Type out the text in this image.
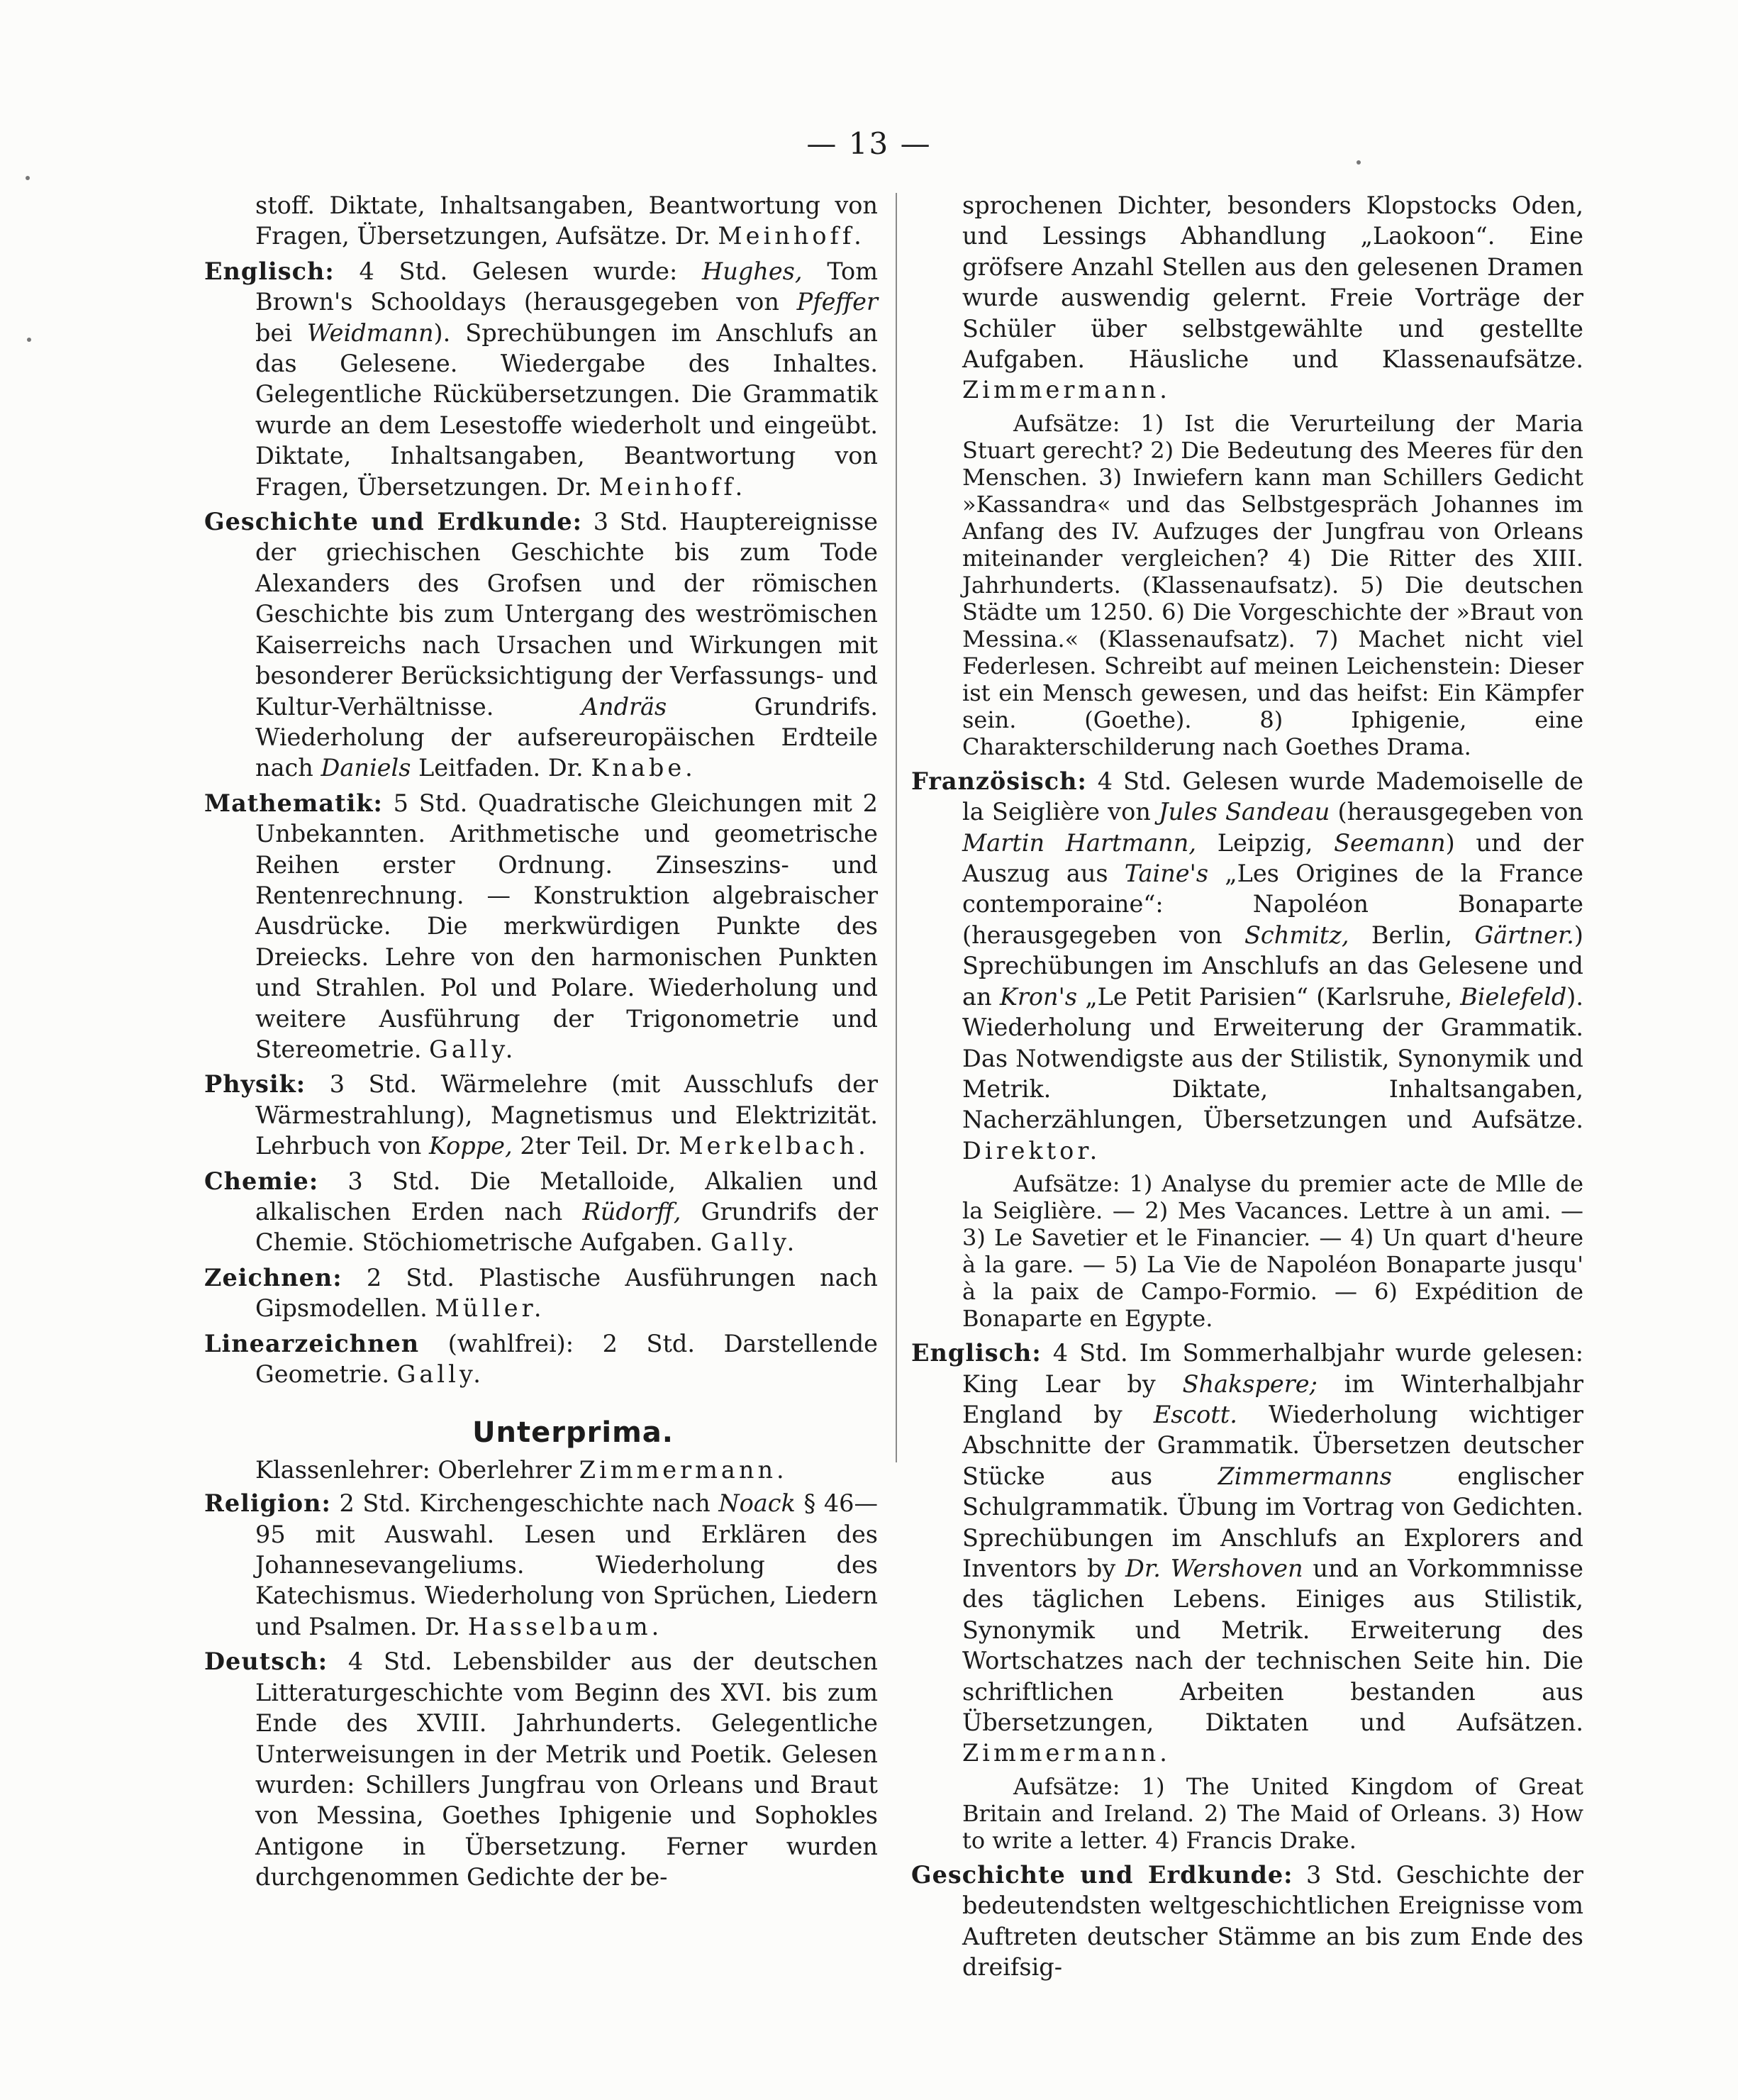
— 13 —

stoff. Diktate, Inhaltsangaben, Beantwortung von Fragen, Übersetzungen, Aufsätze. Dr. Meinhoff.

Englisch: 4 Std. Gelesen wurde: Hughes, Tom Brown's Schooldays (herausgegeben von Pfeffer bei Weidmann). Sprechübungen im Anschlufs an das Gelesene. Wiedergabe des Inhaltes. Gelegentliche Rückübersetzungen. Die Grammatik wurde an dem Lesestoffe wiederholt und eingeübt. Diktate, Inhaltsangaben, Beantwortung von Fragen, Übersetzungen. Dr. Meinhoff.

Geschichte und Erdkunde: 3 Std. Hauptereignisse der griechischen Geschichte bis zum Tode Alexanders des Grofsen und der römischen Geschichte bis zum Untergang des weströmischen Kaiserreichs nach Ursachen und Wirkungen mit besonderer Berücksichtigung der Verfassungs- und Kultur-Verhältnisse. Andräs Grundrifs. Wiederholung der aufsereuropäischen Erdteile nach Daniels Leitfaden. Dr. Knabe.

Mathematik: 5 Std. Quadratische Gleichungen mit 2 Unbekannten. Arithmetische und geometrische Reihen erster Ordnung. Zinseszins- und Rentenrechnung. — Konstruktion algebraischer Ausdrücke. Die merkwürdigen Punkte des Dreiecks. Lehre von den harmonischen Punkten und Strahlen. Pol und Polare. Wiederholung und weitere Ausführung der Trigonometrie und Stereometrie. Gally.

Physik: 3 Std. Wärmelehre (mit Ausschlufs der Wärmestrahlung), Magnetismus und Elektrizität. Lehrbuch von Koppe, 2ter Teil. Dr. Merkelbach.

Chemie: 3 Std. Die Metalloide, Alkalien und alkalischen Erden nach Rüdorff, Grundrifs der Chemie. Stöchiometrische Aufgaben. Gally.

Zeichnen: 2 Std. Plastische Ausführungen nach Gipsmodellen. Müller.

Linearzeichnen (wahlfrei): 2 Std. Darstellende Geometrie. Gally.

Unterprima.
Klassenlehrer: Oberlehrer Zimmermann.

Religion: 2 Std. Kirchengeschichte nach Noack § 46—95 mit Auswahl. Lesen und Erklären des Johannesevangeliums. Wiederholung des Katechismus. Wiederholung von Sprüchen, Liedern und Psalmen. Dr. Hasselbaum.

Deutsch: 4 Std. Lebensbilder aus der deutschen Litteraturgeschichte vom Beginn des XVI. bis zum Ende des XVIII. Jahrhunderts. Gelegentliche Unterweisungen in der Metrik und Poetik. Gelesen wurden: Schillers Jungfrau von Orleans und Braut von Messina, Goethes Iphigenie und Sophokles Antigone in Übersetzung. Ferner wurden durchgenommen Gedichte der be-

sprochenen Dichter, besonders Klopstocks Oden, und Lessings Abhandlung „Laokoon“. Eine gröfsere Anzahl Stellen aus den gelesenen Dramen wurde auswendig gelernt. Freie Vorträge der Schüler über selbstgewählte und gestellte Aufgaben. Häusliche und Klassenaufsätze. Zimmermann.

Aufsätze: 1) Ist die Verurteilung der Maria Stuart gerecht? 2) Die Bedeutung des Meeres für den Menschen. 3) Inwiefern kann man Schillers Gedicht »Kassandra« und das Selbstgespräch Johannes im Anfang des IV. Aufzuges der Jungfrau von Orleans miteinander vergleichen? 4) Die Ritter des XIII. Jahrhunderts. (Klassenaufsatz). 5) Die deutschen Städte um 1250. 6) Die Vorgeschichte der »Braut von Messina.« (Klassenaufsatz). 7) Machet nicht viel Federlesen. Schreibt auf meinen Leichenstein: Dieser ist ein Mensch gewesen, und das heifst: Ein Kämpfer sein. (Goethe). 8) Iphigenie, eine Charakterschilderung nach Goethes Drama.

Französisch: 4 Std. Gelesen wurde Mademoiselle de la Seiglière von Jules Sandeau (herausgegeben von Martin Hartmann, Leipzig, Seemann) und der Auszug aus Taine's „Les Origines de la France contemporaine“: Napoléon Bonaparte (herausgegeben von Schmitz, Berlin, Gärtner.) Sprechübungen im Anschlufs an das Gelesene und an Kron's „Le Petit Parisien“ (Karlsruhe, Bielefeld). Wiederholung und Erweiterung der Grammatik. Das Notwendigste aus der Stilistik, Synonymik und Metrik. Diktate, Inhaltsangaben, Nacherzählungen, Übersetzungen und Aufsätze. Direktor.

Aufsätze: 1) Analyse du premier acte de Mlle de la Seiglière. — 2) Mes Vacances. Lettre à un ami. — 3) Le Savetier et le Financier. — 4) Un quart d'heure à la gare. — 5) La Vie de Napoléon Bonaparte jusqu' à la paix de Campo-Formio. — 6) Expédition de Bonaparte en Egypte.

Englisch: 4 Std. Im Sommerhalbjahr wurde gelesen: King Lear by Shakspere; im Winterhalbjahr England by Escott. Wiederholung wichtiger Abschnitte der Grammatik. Übersetzen deutscher Stücke aus Zimmermanns englischer Schulgrammatik. Übung im Vortrag von Gedichten. Sprechübungen im Anschlufs an Explorers and Inventors by Dr. Wershoven und an Vorkommnisse des täglichen Lebens. Einiges aus Stilistik, Synonymik und Metrik. Erweiterung des Wortschatzes nach der technischen Seite hin. Die schriftlichen Arbeiten bestanden aus Übersetzungen, Diktaten und Aufsätzen. Zimmermann.

Aufsätze: 1) The United Kingdom of Great Britain and Ireland. 2) The Maid of Orleans. 3) How to write a letter. 4) Francis Drake.

Geschichte und Erdkunde: 3 Std. Geschichte der bedeutendsten weltgeschichtlichen Ereignisse vom Auftreten deutscher Stämme an bis zum Ende des dreifsig-
